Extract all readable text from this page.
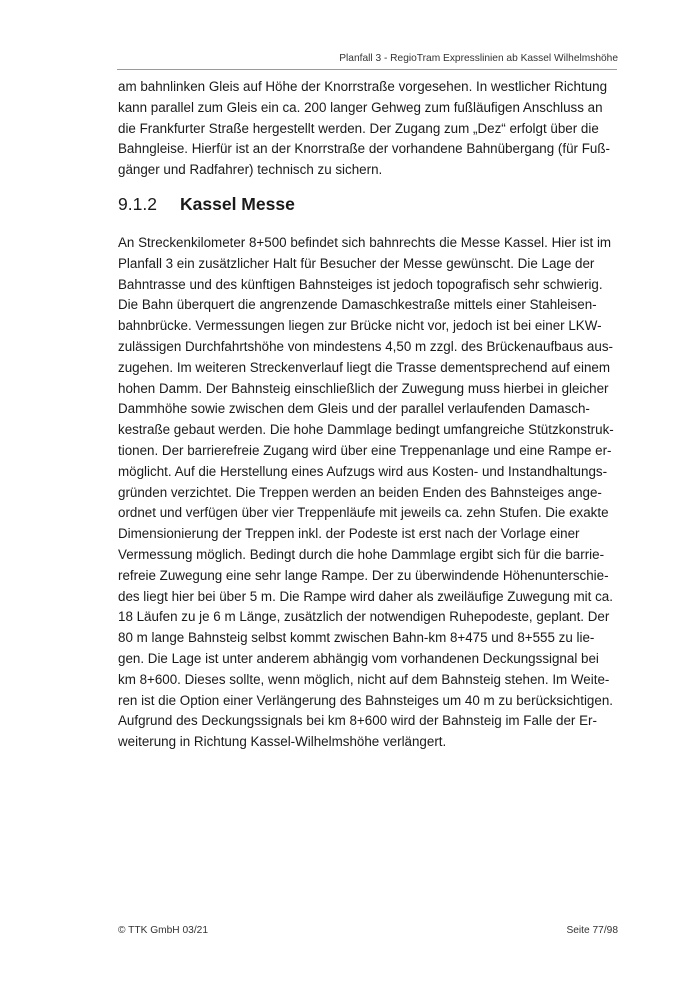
Planfall 3 - RegioTram Expresslinien ab Kassel Wilhelmshöhe

am bahnlinken Gleis auf Höhe der Knorrstraße vorgesehen. In westlicher Richtung
kann parallel zum Gleis ein ca. 200 langer Gehweg zum fußläufigen Anschluss an
die Frankfurter Straße hergestellt werden. Der Zugang zum „Dez“ erfolgt über die
Bahngleise. Hierfür ist an der Knorrstraße der vorhandene Bahnübergang (für Fuß-
gänger und Radfahrer) technisch zu sichern.

9.1.2 Kassel Messe

An Streckenkilometer 8+500 befindet sich bahnrechts die Messe Kassel. Hier ist im
Planfall 3 ein zusätzlicher Halt für Besucher der Messe gewünscht. Die Lage der
Bahntrasse und des künftigen Bahnsteiges ist jedoch topografisch sehr schwierig.
Die Bahn überquert die angrenzende Damaschkestraße mittels einer Stahleisen-
bahnbrücke. Vermessungen liegen zur Brücke nicht vor, jedoch ist bei einer LKW-
zulässigen Durchfahrtshöhe von mindestens 4,50 m zzgl. des Brückenaufbaus aus-
zugehen. Im weiteren Streckenverlauf liegt die Trasse dementsprechend auf einem
hohen Damm. Der Bahnsteig einschließlich der Zuwegung muss hierbei in gleicher
Dammhöhe sowie zwischen dem Gleis und der parallel verlaufenden Damasch-
kestraße gebaut werden. Die hohe Dammlage bedingt umfangreiche Stützkonstruk-
tionen. Der barrierefreie Zugang wird über eine Treppenanlage und eine Rampe er-
möglicht. Auf die Herstellung eines Aufzugs wird aus Kosten- und Instandhaltungs-
gründen verzichtet. Die Treppen werden an beiden Enden des Bahnsteiges ange-
ordnet und verfügen über vier Treppenläufe mit jeweils ca. zehn Stufen. Die exakte
Dimensionierung der Treppen inkl. der Podeste ist erst nach der Vorlage einer
Vermessung möglich. Bedingt durch die hohe Dammlage ergibt sich für die barrie-
refreie Zuwegung eine sehr lange Rampe. Der zu überwindende Höhenunterschie-
des liegt hier bei über 5 m. Die Rampe wird daher als zweiläufige Zuwegung mit ca.
18 Läufen zu je 6 m Länge, zusätzlich der notwendigen Ruhepodeste, geplant. Der
80 m lange Bahnsteig selbst kommt zwischen Bahn-km 8+475 und 8+555 zu lie-
gen. Die Lage ist unter anderem abhängig vom vorhandenen Deckungssignal bei
km 8+600. Dieses sollte, wenn möglich, nicht auf dem Bahnsteig stehen. Im Weite-
ren ist die Option einer Verlängerung des Bahnsteiges um 40 m zu berücksichtigen.
Aufgrund des Deckungssignals bei km 8+600 wird der Bahnsteig im Falle der Er-
weiterung in Richtung Kassel-Wilhelmshöhe verlängert.

© TTK GmbH 03/21	Seite 77/98
